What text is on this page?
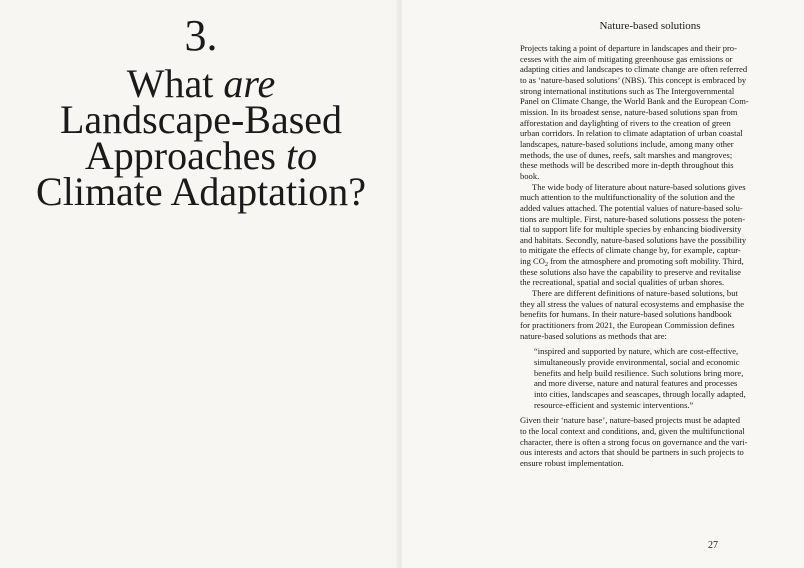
3.
What are
Landscape-Based
Approaches to
Climate Adaptation?
Nature-based solutions

Projects taking a point of departure in landscapes and their pro-
cesses with the aim of mitigating greenhouse gas emissions or
adapting cities and landscapes to climate change are often referred
to as ‘nature-based solutions’ (NBS). This concept is embraced by
strong international institutions such as The Intergovernmental
Panel on Climate Change, the World Bank and the European Com-
mission. In its broadest sense, nature-based solutions span from
afforestation and daylighting of rivers to the creation of green
urban corridors. In relation to climate adaptation of urban coastal
landscapes, nature-based solutions include, among many other
methods, the use of dunes, reefs, salt marshes and mangroves;
these methods will be described more in-depth throughout this
book.

The wide body of literature about nature-based solutions gives
much attention to the multifunctionality of the solution and the
added values attached. The potential values of nature-based solu-
tions are multiple. First, nature-based solutions possess the poten-
tial to support life for multiple species by enhancing biodiversity
and habitats. Secondly, nature-based solutions have the possibility
to mitigate the effects of climate change by, for example, captur-
ing $CO_2$ from the atmosphere and promoting soft mobility. Third,
these solutions also have the capability to preserve and revitalise
the recreational, spatial and social qualities of urban shores.

There are different definitions of nature-based solutions, but
they all stress the values of natural ecosystems and emphasise the
benefits for humans. In their nature-based solutions handbook
for practitioners from 2021, the European Commission defines
nature-based solutions as methods that are:

“inspired and supported by nature, which are cost-effective,
simultaneously provide environmental, social and economic
benefits and help build resilience. Such solutions bring more,
and more diverse, nature and natural features and processes
into cities, landscapes and seascapes, through locally adapted,
resource-efficient and systemic interventions.”

Given their ‘nature base’, nature-based projects must be adapted
to the local context and conditions, and, given the multifunctional
character, there is often a strong focus on governance and the vari-
ous interests and actors that should be partners in such projects to
ensure robust implementation.

27
